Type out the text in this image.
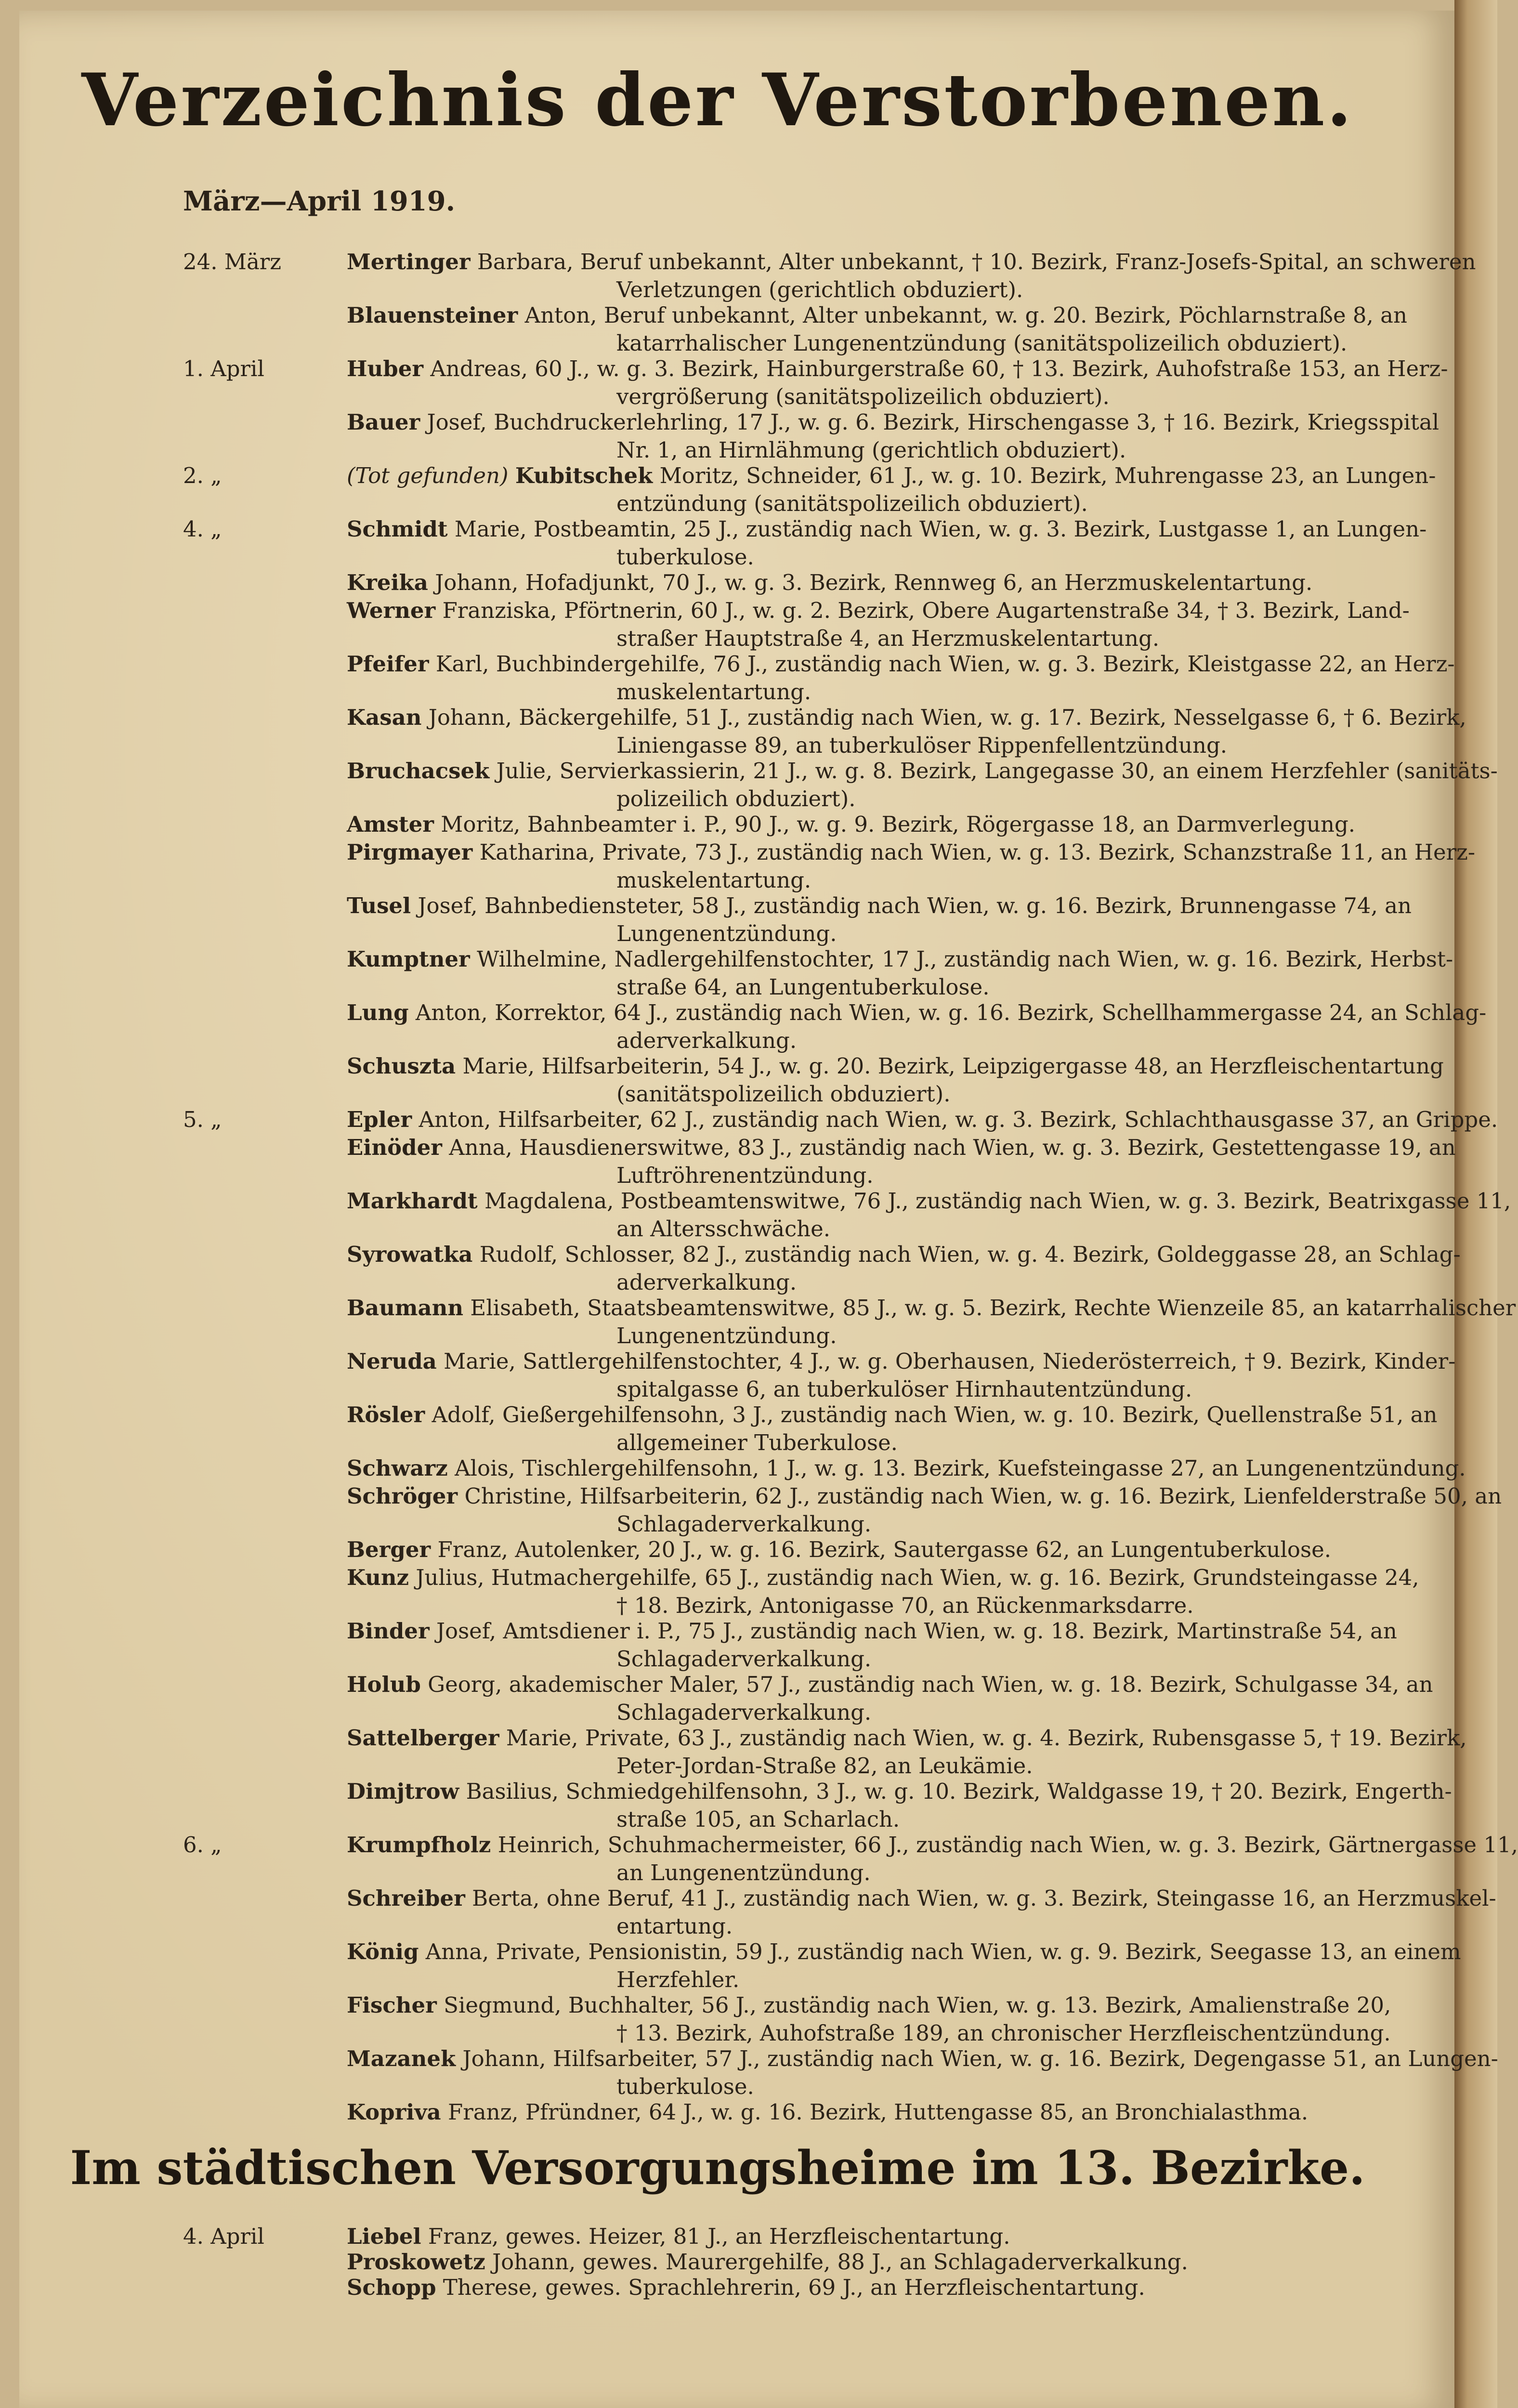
Verzeichnis der Verstorbenen.
März—April 1919.
24. März	Mertinger Barbara, Beruf unbekannt, Alter unbekannt, † 10. Bezirk, Franz-Josefs-Spital, an schweren
Verletzungen (gerichtlich obduziert).
Blauensteiner Anton, Beruf unbekannt, Alter unbekannt, w. g. 20. Bezirk, Pöchlarnstraße 8, an
katarrhalischer Lungenentzündung (sanitätspolizeilich obduziert).
1. April	Huber Andreas, 60 J., w. g. 3. Bezirk, Hainburgerstraße 60, † 13. Bezirk, Auhofstraße 153, an Herz-
vergrößerung (sanitätspolizeilich obduziert).
Bauer Josef, Buchdruckerlehrling, 17 J., w. g. 6. Bezirk, Hirschengasse 3, † 16. Bezirk, Kriegsspital
Nr. 1, an Hirnlähmung (gerichtlich obduziert).
2. „	(Tot gefunden) Kubitschek Moritz, Schneider, 61 J., w. g. 10. Bezirk, Muhrengasse 23, an Lungen-
entzündung (sanitätspolizeilich obduziert).
4. „	Schmidt Marie, Postbeamtin, 25 J., zuständig nach Wien, w. g. 3. Bezirk, Lustgasse 1, an Lungen-
tuberkulose.
Kreika Johann, Hofadjunkt, 70 J., w. g. 3. Bezirk, Rennweg 6, an Herzmuskelentartung.
Werner Franziska, Pförtnerin, 60 J., w. g. 2. Bezirk, Obere Augartenstraße 34, † 3. Bezirk, Land-
straßer Hauptstraße 4, an Herzmuskelentartung.
Pfeifer Karl, Buchbindergehilfe, 76 J., zuständig nach Wien, w. g. 3. Bezirk, Kleistgasse 22, an Herz-
muskelentartung.
Kasan Johann, Bäckergehilfe, 51 J., zuständig nach Wien, w. g. 17. Bezirk, Nesselgasse 6, † 6. Bezirk,
Liniengasse 89, an tuberkulöser Rippenfellentzündung.
Bruchacsek Julie, Servierkassierin, 21 J., w. g. 8. Bezirk, Langegasse 30, an einem Herzfehler (sanitäts-
polizeilich obduziert).
Amster Moritz, Bahnbeamter i. P., 90 J., w. g. 9. Bezirk, Rögergasse 18, an Darmverlegung.
Pirgmayer Katharina, Private, 73 J., zuständig nach Wien, w. g. 13. Bezirk, Schanzstraße 11, an Herz-
muskelentartung.
Tusel Josef, Bahnbediensteter, 58 J., zuständig nach Wien, w. g. 16. Bezirk, Brunnengasse 74, an
Lungenentzündung.
Kumptner Wilhelmine, Nadlergehilfenstochter, 17 J., zuständig nach Wien, w. g. 16. Bezirk, Herbst-
straße 64, an Lungentuberkulose.
Lung Anton, Korrektor, 64 J., zuständig nach Wien, w. g. 16. Bezirk, Schellhammergasse 24, an Schlag-
aderverkalkung.
Schuszta Marie, Hilfsarbeiterin, 54 J., w. g. 20. Bezirk, Leipzigergasse 48, an Herzfleischentartung
(sanitätspolizeilich obduziert).
5. „	Epler Anton, Hilfsarbeiter, 62 J., zuständig nach Wien, w. g. 3. Bezirk, Schlachthausgasse 37, an Grippe.
Einöder Anna, Hausdienerswitwe, 83 J., zuständig nach Wien, w. g. 3. Bezirk, Gestettengasse 19, an
Luftröhrenentzündung.
Markhardt Magdalena, Postbeamtenswitwe, 76 J., zuständig nach Wien, w. g. 3. Bezirk, Beatrixgasse 11,
an Altersschwäche.
Syrowatka Rudolf, Schlosser, 82 J., zuständig nach Wien, w. g. 4. Bezirk, Goldeggasse 28, an Schlag-
aderverkalkung.
Baumann Elisabeth, Staatsbeamtenswitwe, 85 J., w. g. 5. Bezirk, Rechte Wienzeile 85, an katarrhalischer
Lungenentzündung.
Neruda Marie, Sattlergehilfenstochter, 4 J., w. g. Oberhausen, Niederösterreich, † 9. Bezirk, Kinder-
spitalgasse 6, an tuberkulöser Hirnhautentzündung.
Rösler Adolf, Gießergehilfensohn, 3 J., zuständig nach Wien, w. g. 10. Bezirk, Quellenstraße 51, an
allgemeiner Tuberkulose.
Schwarz Alois, Tischlergehilfensohn, 1 J., w. g. 13. Bezirk, Kuefsteingasse 27, an Lungenentzündung.
Schröger Christine, Hilfsarbeiterin, 62 J., zuständig nach Wien, w. g. 16. Bezirk, Lienfelderstraße 50, an
Schlagaderverkalkung.
Berger Franz, Autolenker, 20 J., w. g. 16. Bezirk, Sautergasse 62, an Lungentuberkulose.
Kunz Julius, Hutmachergehilfe, 65 J., zuständig nach Wien, w. g. 16. Bezirk, Grundsteingasse 24,
† 18. Bezirk, Antonigasse 70, an Rückenmarksdarre.
Binder Josef, Amtsdiener i. P., 75 J., zuständig nach Wien, w. g. 18. Bezirk, Martinstraße 54, an
Schlagaderverkalkung.
Holub Georg, akademischer Maler, 57 J., zuständig nach Wien, w. g. 18. Bezirk, Schulgasse 34, an
Schlagaderverkalkung.
Sattelberger Marie, Private, 63 J., zuständig nach Wien, w. g. 4. Bezirk, Rubensgasse 5, † 19. Bezirk,
Peter-Jordan-Straße 82, an Leukämie.
Dimjtrow Basilius, Schmiedgehilfensohn, 3 J., w. g. 10. Bezirk, Waldgasse 19, † 20. Bezirk, Engerth-
straße 105, an Scharlach.
6. „	Krumpfholz Heinrich, Schuhmachermeister, 66 J., zuständig nach Wien, w. g. 3. Bezirk, Gärtnergasse 11,
an Lungenentzündung.
Schreiber Berta, ohne Beruf, 41 J., zuständig nach Wien, w. g. 3. Bezirk, Steingasse 16, an Herzmuskel-
entartung.
König Anna, Private, Pensionistin, 59 J., zuständig nach Wien, w. g. 9. Bezirk, Seegasse 13, an einem
Herzfehler.
Fischer Siegmund, Buchhalter, 56 J., zuständig nach Wien, w. g. 13. Bezirk, Amalienstraße 20,
† 13. Bezirk, Auhofstraße 189, an chronischer Herzfleischentzündung.
Mazanek Johann, Hilfsarbeiter, 57 J., zuständig nach Wien, w. g. 16. Bezirk, Degengasse 51, an Lungen-
tuberkulose.
Kopriva Franz, Pfründner, 64 J., w. g. 16. Bezirk, Huttengasse 85, an Bronchialasthma.
Im städtischen Versorgungsheime im 13. Bezirke.
4. April	Liebel Franz, gewes. Heizer, 81 J., an Herzfleischentartung.
Proskowetz Johann, gewes. Maurergehilfe, 88 J., an Schlagaderverkalkung.
Schopp Therese, gewes. Sprachlehrerin, 69 J., an Herzfleischentartung.
